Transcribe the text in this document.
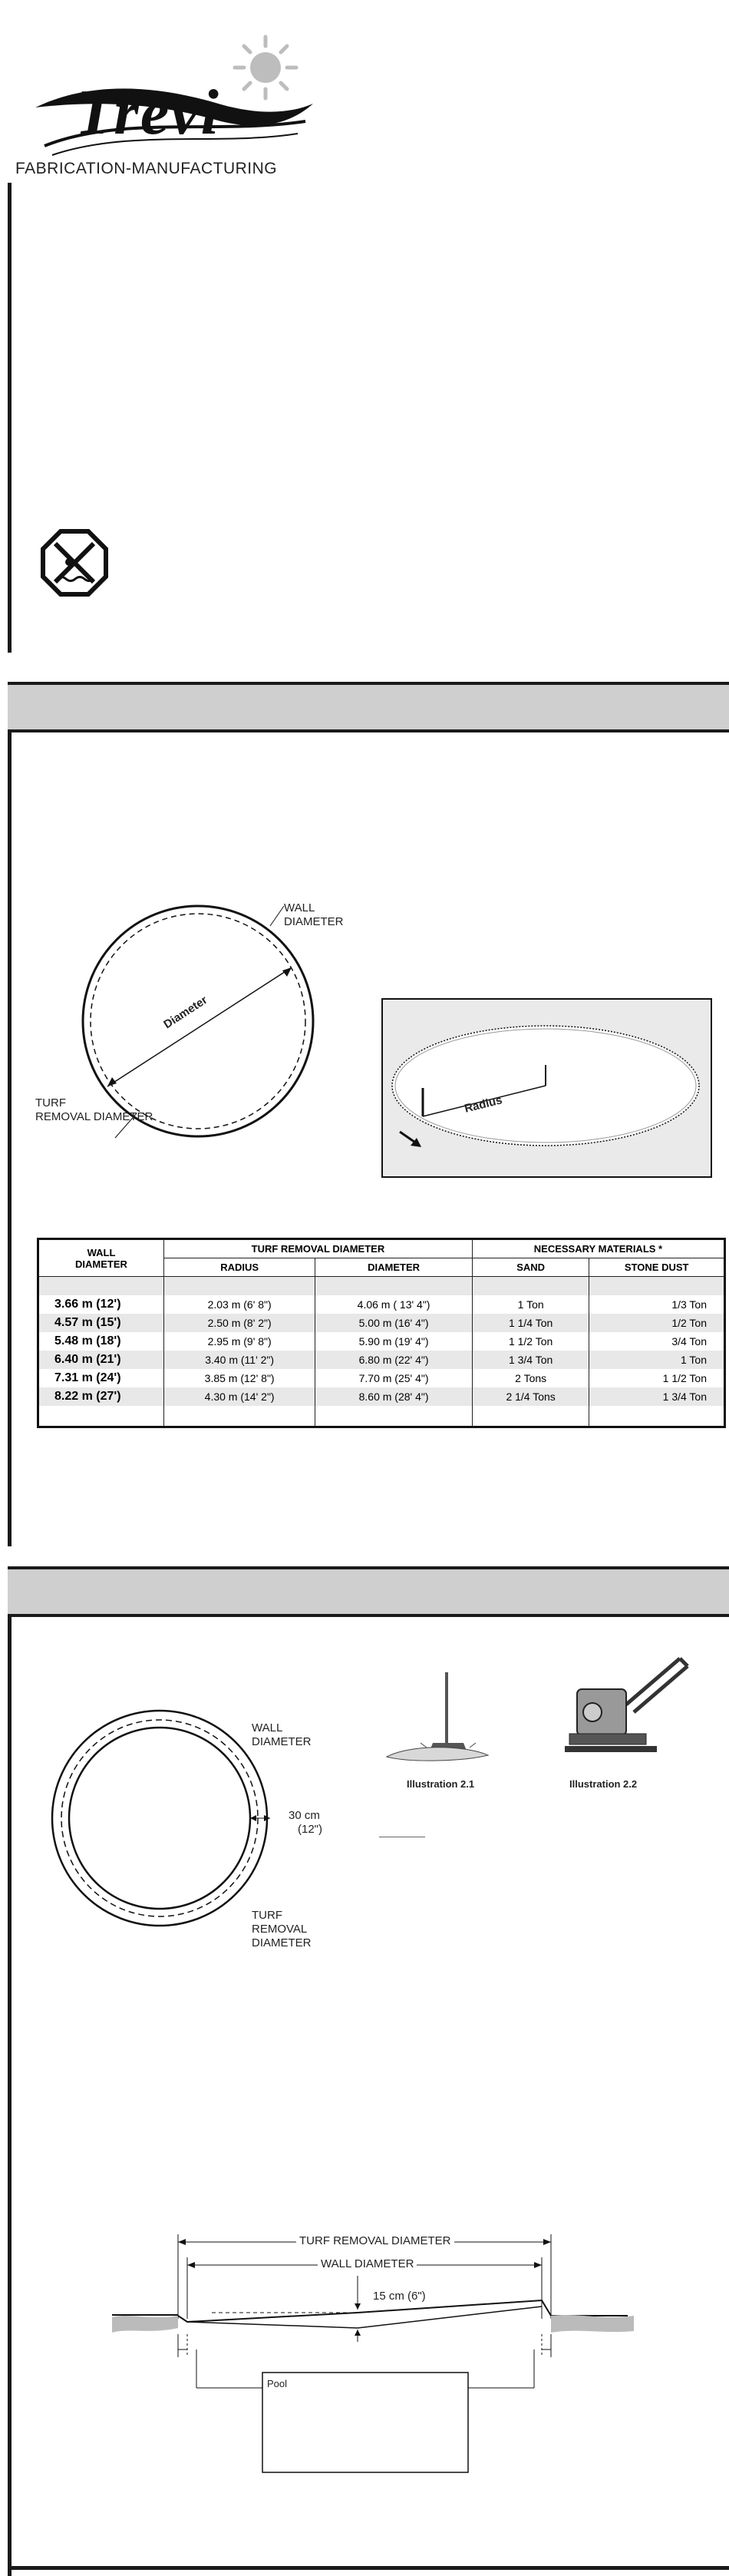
Trevi
FABRICATION-MANUFACTURING
Diameter
WALL
DIAMETER
TURF
REMOVAL DIAMETER
Radius
WALL
DIAMETER	TURF REMOVAL DIAMETER		NECESSARY MATERIALS *	
	RADIUS	DIAMETER	SAND	STONE DUST

3.66 m (12')	2.03 m (6' 8")	4.06 m ( 13' 4")	1 Ton	1/3 Ton
4.57 m (15')	2.50 m (8' 2")	5.00 m (16' 4")	1 1/4 Ton	1/2 Ton
5.48 m (18')	2.95 m (9' 8")	5.90 m (19' 4")	1 1/2 Ton	3/4 Ton
6.40 m (21')	3.40 m (11' 2")	6.80 m (22' 4")	1 3/4 Ton	1 Ton
7.31 m (24')	3.85 m (12' 8")	7.70 m (25' 4")	2 Tons	1 1/2 Ton
8.22 m (27')	4.30 m (14' 2")	8.60 m (28' 4")	2 1/4 Tons	1 3/4 Ton

WALL
DIAMETER
30 cm
(12")
TURF
REMOVAL
DIAMETER
Illustration 2.1	Illustration 2.2
TURF REMOVAL DIAMETER
WALL DIAMETER
15 cm (6")
Pool
